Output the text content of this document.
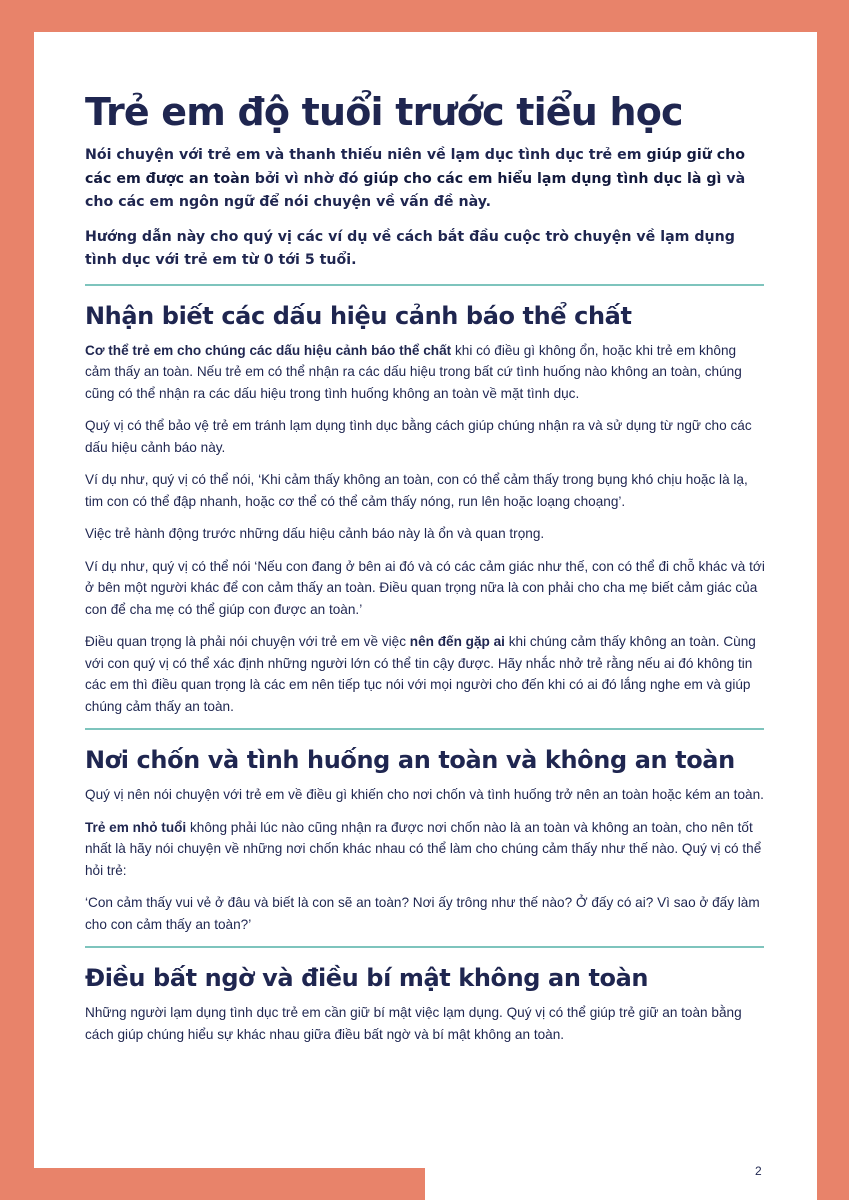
Trẻ em độ tuổi trước tiểu học

Nói chuyện với trẻ em và thanh thiếu niên về lạm dục tình dục trẻ em giúp giữ cho các em được an toàn bởi vì nhờ đó giúp cho các em hiểu lạm dụng tình dục là gì và cho các em ngôn ngữ để nói chuyện về vấn đề này.

Hướng dẫn này cho quý vị các ví dụ về cách bắt đầu cuộc trò chuyện về lạm dụng tình dục với trẻ em từ 0 tới 5 tuổi.

Nhận biết các dấu hiệu cảnh báo thể chất

Cơ thể trẻ em cho chúng các dấu hiệu cảnh báo thể chất khi có điều gì không ổn, hoặc khi trẻ em không cảm thấy an toàn. Nếu trẻ em có thể nhận ra các dấu hiệu trong bất cứ tình huống nào không an toàn, chúng cũng có thể nhận ra các dấu hiệu trong tình huống không an toàn về mặt tình dục.

Quý vị có thể bảo vệ trẻ em tránh lạm dụng tình dục bằng cách giúp chúng nhận ra và sử dụng từ ngữ cho các dấu hiệu cảnh báo này.

Ví dụ như, quý vị có thể nói, ‘Khi cảm thấy không an toàn, con có thể cảm thấy trong bụng khó chịu hoặc là lạ, tim con có thể đập nhanh, hoặc cơ thể có thể cảm thấy nóng, run lên hoặc loạng choạng’.

Việc trẻ hành động trước những dấu hiệu cảnh báo này là ổn và quan trọng.

Ví dụ như, quý vị có thể nói ‘Nếu con đang ở bên ai đó và có các cảm giác như thế, con có thể đi chỗ khác và tới ở bên một người khác để con cảm thấy an toàn. Điều quan trọng nữa là con phải cho cha mẹ biết cảm giác của con để cha mẹ có thể giúp con được an toàn.’

Điều quan trọng là phải nói chuyện với trẻ em về việc nên đến gặp ai khi chúng cảm thấy không an toàn. Cùng với con quý vị có thể xác định những người lớn có thể tin cậy được. Hãy nhắc nhở trẻ rằng nếu ai đó không tin các em thì điều quan trọng là các em nên tiếp tục nói với mọi người cho đến khi có ai đó lắng nghe em và giúp chúng cảm thấy an toàn.

Nơi chốn và tình huống an toàn và không an toàn

Quý vị nên nói chuyện với trẻ em về điều gì khiến cho nơi chốn và tình huống trở nên an toàn hoặc kém an toàn.

Trẻ em nhỏ tuổi không phải lúc nào cũng nhận ra được nơi chốn nào là an toàn và không an toàn, cho nên tốt nhất là hãy nói chuyện về những nơi chốn khác nhau có thể làm cho chúng cảm thấy như thế nào. Quý vị có thể hỏi trẻ:

‘Con cảm thấy vui vẻ ở đâu và biết là con sẽ an toàn? Nơi ấy trông như thế nào? Ở đấy có ai? Vì sao ở đấy làm cho con cảm thấy an toàn?’

Điều bất ngờ và điều bí mật không an toàn

Những người lạm dụng tình dục trẻ em cần giữ bí mật việc lạm dụng. Quý vị có thể giúp trẻ giữ an toàn bằng cách giúp chúng hiểu sự khác nhau giữa điều bất ngờ và bí mật không an toàn.

2
